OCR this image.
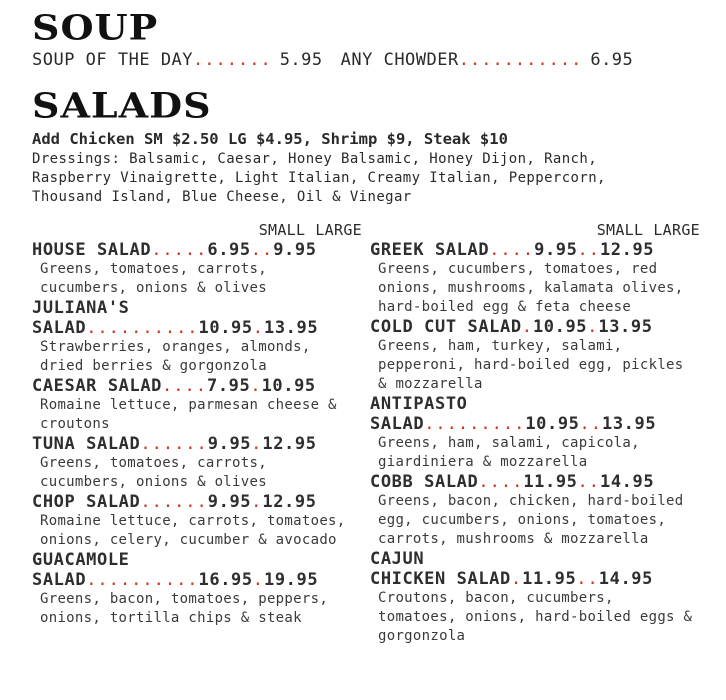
SOUP
SOUP OF THE DAY ....... 5.95 ANY CHOWDER ........... 6.95
SALADS

Add Chicken SM $2.50 LG $4.95, Shrimp $9, Steak $10

Dressings: Balsamic, Caesar, Honey Balsamic, Honey Dijon, Ranch, Raspberry Vinaigrette, Light Italian, Creamy Italian, Peppercorn, Thousand Island, Blue Cheese, Oil & Vinegar

SMALL LARGE
HOUSE SALAD.....6.95..9.95
Greens, tomatoes, carrots, cucumbers, onions & olives
JULIANA'S
SALAD..........10.95.13.95
Strawberries, oranges, almonds, dried berries & gorgonzola
CAESAR SALAD....7.95.10.95
Romaine lettuce, parmesan cheese & croutons
TUNA SALAD......9.95.12.95
Greens, tomatoes, carrots, cucumbers, onions & olives
CHOP SALAD......9.95.12.95
Romaine lettuce, carrots, tomatoes, onions, celery, cucumber & avocado
GUACAMOLE
SALAD..........16.95.19.95
Greens, bacon, tomatoes, peppers, onions, tortilla chips & steak
SMALL LARGE
GREEK SALAD....9.95..12.95
Greens, cucumbers, tomatoes, red onions, mushrooms, kalamata olives, hard-boiled egg & feta cheese
COLD CUT SALAD.10.95.13.95
Greens, ham, turkey, salami, pepperoni, hard-boiled egg, pickles & mozzarella
ANTIPASTO
SALAD.........10.95..13.95
Greens, ham, salami, capicola, giardiniera & mozzarella
COBB SALAD....11.95..14.95
Greens, bacon, chicken, hard-boiled egg, cucumbers, onions, tomatoes, carrots, mushrooms & mozzarella
CAJUN
CHICKEN SALAD.11.95..14.95
Croutons, bacon, cucumbers, tomatoes, onions, hard-boiled eggs & gorgonzola
